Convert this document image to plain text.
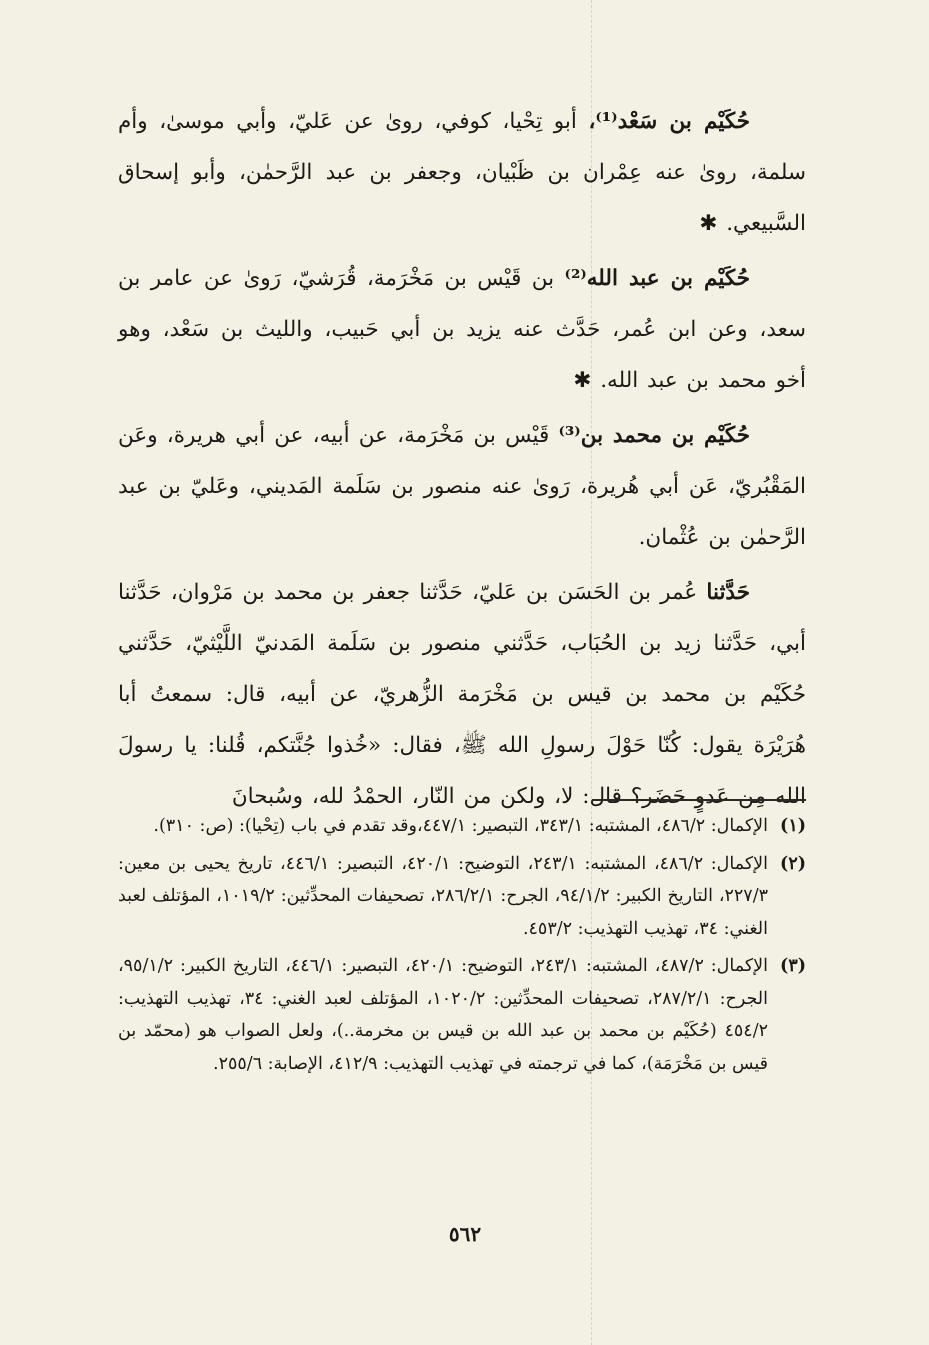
حُكَيْم بن سَعْد⁽¹⁾، أبو تِحْيا، كوفي، روىٰ عن عَليّ، وأبي موسىٰ، وأم سلمة، روىٰ عنه عِمْران بن ظَبْيان، وجعفر بن عبد الرَّحمٰن، وأبو إسحاق السَّبيعي. ✱

حُكَيْم بن عبد الله⁽²⁾ بن قَيْس بن مَخْرَمة، قُرَشيّ، رَوىٰ عن عامر بن سعد، وعن ابن عُمر، حَدَّث عنه يزيد بن أبي حَبيب، والليث بن سَعْد، وهو أخو محمد بن عبد الله. ✱

حُكَيْم بن محمد بن⁽³⁾ قَيْس بن مَخْرَمة، عن أبيه، عن أبي هريرة، وعَن المَقْبُريّ، عَن أبي هُريرة، رَوىٰ عنه منصور بن سَلَمة المَديني، وعَليّ بن عبد الرَّحمٰن بن عُثْمان.

حَدَّثنا عُمر بن الحَسَن بن عَليّ، حَدَّثنا جعفر بن محمد بن مَرْوان، حَدَّثنا أبي، حَدَّثنا زيد بن الحُبَاب، حَدَّثني منصور بن سَلَمة المَدنيّ اللَّيْثيّ، حَدَّثني حُكَيْم بن محمد بن قيس بن مَخْرَمة الزُّهريّ، عن أبيه، قال: سمعتُ أبا هُرَيْرَة يقول: كُنّا حَوْلَ رسولِ الله ﷺ، فقال: «خُذوا جُنَّتكم، قُلنا: يا رسولَ الله مِن عَدوٍ حَضَر؟ قال: لا، ولكن من النّار، الحمْدُ لله، وسُبحانَ

(١)الإكمال: ٤٨٦/٢، المشتبه: ٣٤٣/١، التبصير: ٤٤٧/١،وقد تقدم في باب (تِحْيا): (ص: ٣١٠).

(٢)الإكمال: ٤٨٦/٢، المشتبه: ٢٤٣/١، التوضيح: ٤٢٠/١، التبصير: ٤٤٦/١، تاريخ يحيى بن معين: ٢٢٧/٣، التاريخ الكبير: ٩٤/١/٢، الجرح: ٢٨٦/٢/١، تصحيفات المحدِّثين: ١٠١٩/٢، المؤتلف لعبد الغني: ٣٤، تهذيب التهذيب: ٤٥٣/٢.

(٣)الإكمال: ٤٨٧/٢، المشتبه: ٢٤٣/١، التوضيح: ٤٢٠/١، التبصير: ٤٤٦/١، التاريخ الكبير: ٩٥/١/٢، الجرح: ٢٨٧/٢/١، تصحيفات المحدِّثين: ١٠٢٠/٢، المؤتلف لعبد الغني: ٣٤، تهذيب التهذيب: ٤٥٤/٢ (حُكَيْم بن محمد بن عبد الله بن قيس بن مخرمة..)، ولعل الصواب هو (محمّد بن قيس بن مَخْرَمَة)، كما في ترجمته في تهذيب التهذيب: ٤١٢/٩، الإصابة: ٢٥٥/٦.

٥٦٢
